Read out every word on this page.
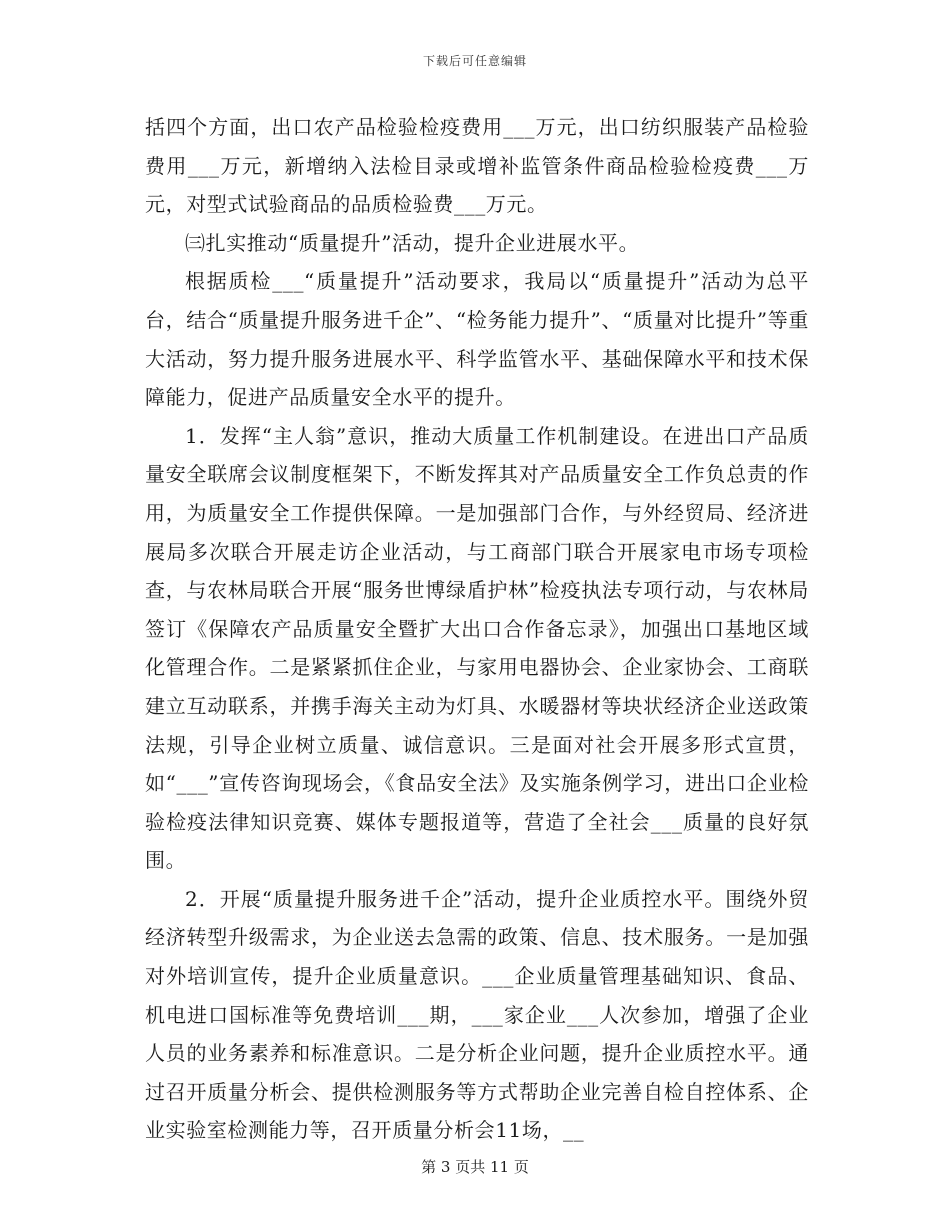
下载后可任意编辑

括四个方面，出口农产品检验检疫费用___万元，出口纺织服装产品检验费用___万元，新增纳入法检目录或增补监管条件商品检验检疫费___万元，对型式试验商品的品质检验费___万元。

㈢扎实推动“质量提升”活动，提升企业进展水平。

根据质检___“质量提升”活动要求，我局以“质量提升”活动为总平台，结合“质量提升服务进千企”、“检务能力提升”、“质量对比提升”等重大活动，努力提升服务进展水平、科学监管水平、基础保障水平和技术保障能力，促进产品质量安全水平的提升。

1．发挥“主人翁”意识，推动大质量工作机制建设。在进出口产品质量安全联席会议制度框架下，不断发挥其对产品质量安全工作负总责的作用，为质量安全工作提供保障。一是加强部门合作，与外经贸局、经济进展局多次联合开展走访企业活动，与工商部门联合开展家电市场专项检查，与农林局联合开展“服务世博绿盾护林”检疫执法专项行动，与农林局签订《保障农产品质量安全暨扩大出口合作备忘录》，加强出口基地区域化管理合作。二是紧紧抓住企业，与家用电器协会、企业家协会、工商联建立互动联系，并携手海关主动为灯具、水暖器材等块状经济企业送政策法规，引导企业树立质量、诚信意识。三是面对社会开展多形式宣贯，如“___”宣传咨询现场会，《食品安全法》及实施条例学习，进出口企业检验检疫法律知识竞赛、媒体专题报道等，营造了全社会___质量的良好氛围。

2．开展“质量提升服务进千企”活动，提升企业质控水平。围绕外贸经济转型升级需求，为企业送去急需的政策、信息、技术服务。一是加强对外培训宣传，提升企业质量意识。___企业质量管理基础知识、食品、机电进口国标准等免费培训___期，___家企业___人次参加，增强了企业人员的业务素养和标准意识。二是分析企业问题，提升企业质控水平。通过召开质量分析会、提供检测服务等方式帮助企业完善自检自控体系、企业实验室检测能力等，召开质量分析会11场，__

第 3 页共 11 页
